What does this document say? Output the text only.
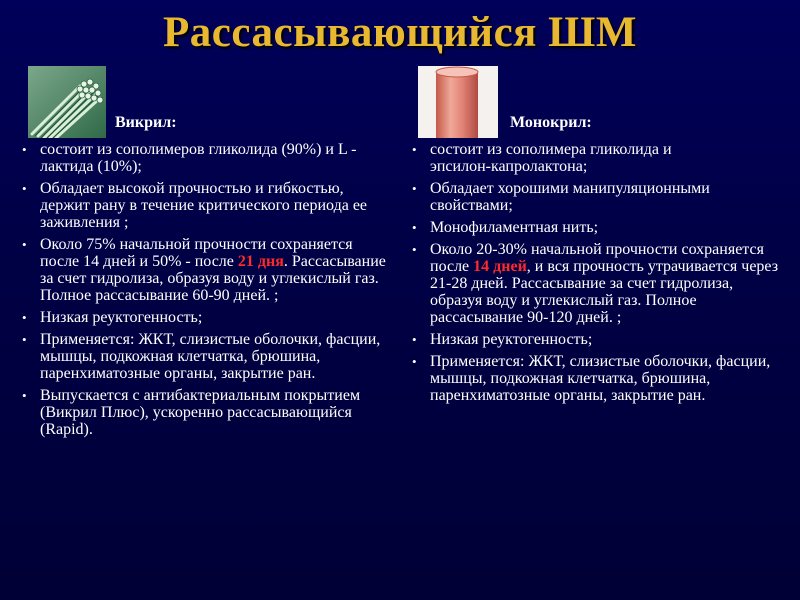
Рассасывающийся ШМ
Викрил:
• состоит из сополимеров гликолида (90%) и L - лактида (10%);
• Обладает высокой прочностью и гибкостью, держит рану в течение критического периода ее заживления ;
• Около 75% начальной прочности сохраняется после 14 дней и 50% - после 21 дня. Рассасывание за счет гидролиза, образуя воду и углекислый газ. Полное рассасывание 60-90 дней. ;
• Низкая реуктогенность;
• Применяется: ЖКТ, слизистые оболочки, фасции, мышцы, подкожная клетчатка, брюшина, паренхиматозные органы, закрытие ран.
• Выпускается с антибактериальным покрытием (Викрил Плюс), ускоренно рассасывающийся (Rapid).
Монокрил:
• состоит из сополимера гликолида и
эпсилон-капролактона;
• Обладает хорошими манипуляционными свойствами;
• Монофиламентная нить;
• Около 20-30% начальной прочности сохраняется после 14 дней, и вся прочность утрачивается через 21-28 дней. Рассасывание за счет гидролиза, образуя воду и углекислый газ. Полное рассасывание 90-120 дней. ;
• Низкая реуктогенность;
• Применяется: ЖКТ, слизистые оболочки, фасции, мышцы, подкожная клетчатка, брюшина, паренхиматозные органы, закрытие ран.
